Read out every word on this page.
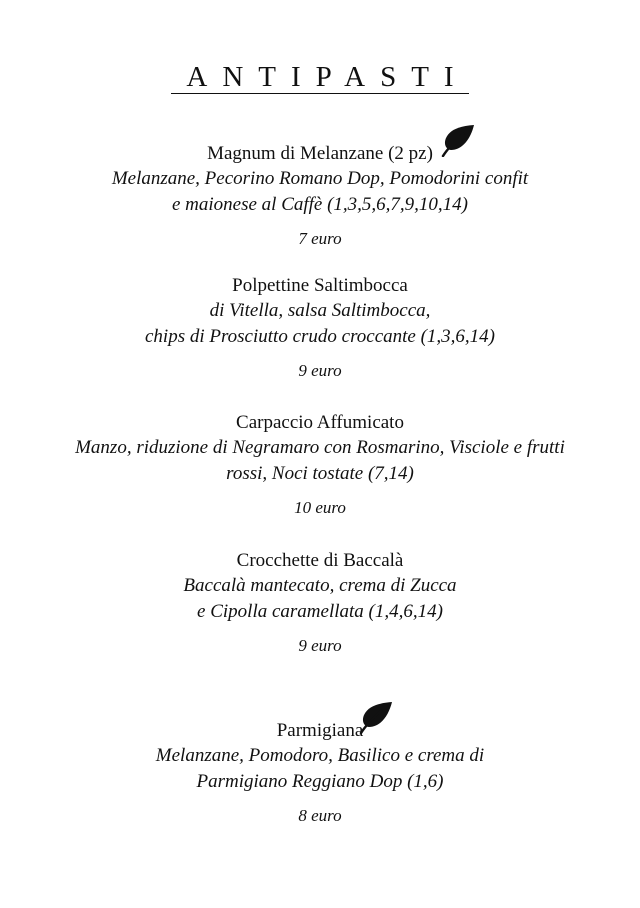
ANTIPASTI
Magnum di Melanzane (2 pz)
Melanzane, Pecorino Romano Dop, Pomodorini confit
e maionese al Caffè (1,3,5,6,7,9,10,14)
7 euro
Polpettine Saltimbocca
di Vitella, salsa Saltimbocca,
chips di Prosciutto crudo croccante (1,3,6,14)
9 euro
Carpaccio Affumicato
Manzo, riduzione di Negramaro con Rosmarino, Visciole e frutti
rossi, Noci tostate (7,14)
10 euro
Crocchette di Baccalà
Baccalà mantecato, crema di Zucca
e Cipolla caramellata (1,4,6,14)
9 euro
Parmigiana
Melanzane, Pomodoro, Basilico e crema di
Parmigiano Reggiano Dop (1,6)
8 euro
